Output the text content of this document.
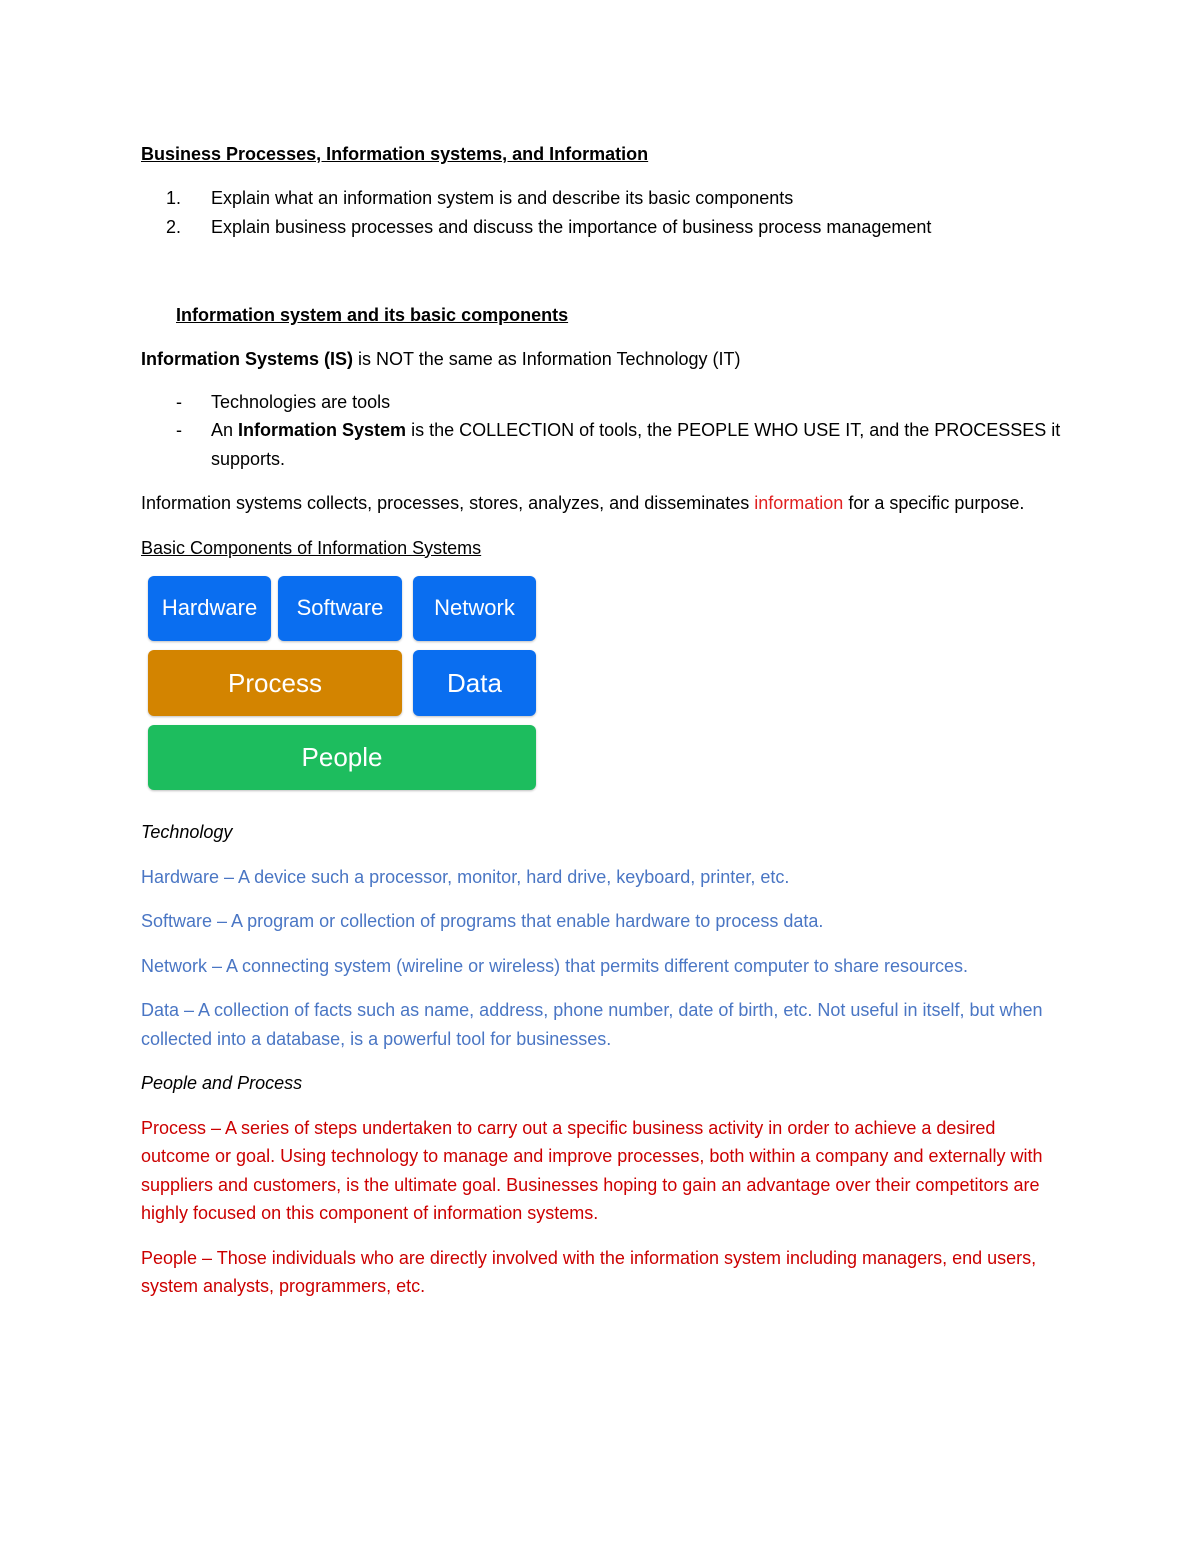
Business Processes, Information systems, and Information
1. Explain what an information system is and describe its basic components
2. Explain business processes and discuss the importance of business process management
Information system and its basic components
Information Systems (IS) is NOT the same as Information Technology (IT)
- Technologies are tools
- An Information System is the COLLECTION of tools, the PEOPLE WHO USE IT, and the PROCESSES it supports.
Information systems collects, processes, stores, analyzes, and disseminates information for a specific purpose.
Basic Components of Information Systems
Hardware	Software	Network
Process	Data
People
Technology
Hardware – A device such a processor, monitor, hard drive, keyboard, printer, etc.
Software – A program or collection of programs that enable hardware to process data.
Network – A connecting system (wireline or wireless) that permits different computer to share resources.
Data – A collection of facts such as name, address, phone number, date of birth, etc. Not useful in itself, but when collected into a database, is a powerful tool for businesses.
People and Process
Process – A series of steps undertaken to carry out a specific business activity in order to achieve a desired outcome or goal. Using technology to manage and improve processes, both within a company and externally with suppliers and customers, is the ultimate goal. Businesses hoping to gain an advantage over their competitors are highly focused on this component of information systems.
People – Those individuals who are directly involved with the information system including managers, end users, system analysts, programmers, etc.
